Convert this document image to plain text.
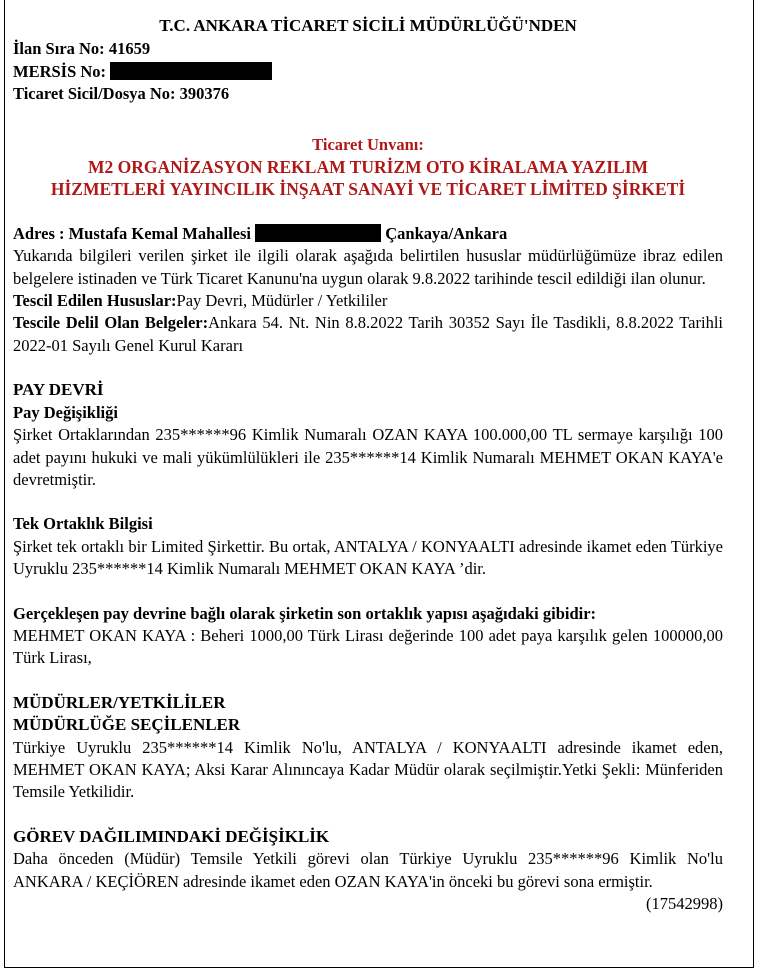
T.C. ANKARA TİCARET SİCİLİ MÜDÜRLÜĞÜ'NDEN

İlan Sıra No: 41659

MERSİS No:

Ticaret Sicil/Dosya No: 390376

Ticaret Unvanı:

M2 ORGANİZASYON REKLAM TURİZM OTO KİRALAMA YAZILIM

HİZMETLERİ YAYINCILIK İNŞAAT SANAYİ VE TİCARET LİMİTED ŞİRKETİ

Adres : Mustafa Kemal Mahallesi	Çankaya/Ankara

Yukarıda bilgileri verilen şirket ile ilgili olarak aşağıda belirtilen hususlar müdürlüğümüze ibraz edilen belgelere istinaden ve Türk Ticaret Kanunu'na uygun olarak 9.8.2022 tarihinde tescil edildiği ilan olunur.

Tescil Edilen Hususlar:Pay Devri, Müdürler / Yetkililer

Tescile Delil Olan Belgeler:Ankara 54. Nt. Nin 8.8.2022 Tarih 30352 Sayı İle Tasdikli, 8.8.2022 Tarihli 2022-01 Sayılı Genel Kurul Kararı

PAY DEVRİ

Pay Değişikliği

Şirket Ortaklarından 235******96 Kimlik Numaralı OZAN KAYA 100.000,00 TL sermaye karşılığı 100 adet payını hukuki ve mali yükümlülükleri ile 235******14 Kimlik Numaralı MEHMET OKAN KAYA'e devretmiştir.

Tek Ortaklık Bilgisi

Şirket tek ortaklı bir Limited Şirkettir. Bu ortak, ANTALYA / KONYAALTI adresinde ikamet eden Türkiye Uyruklu 235******14 Kimlik Numaralı MEHMET OKAN KAYA ’dir.

Gerçekleşen pay devrine bağlı olarak şirketin son ortaklık yapısı aşağıdaki gibidir:

MEHMET OKAN KAYA : Beheri 1000,00 Türk Lirası değerinde 100 adet paya karşılık gelen 100000,00 Türk Lirası,

MÜDÜRLER/YETKİLİLER

MÜDÜRLÜĞE SEÇİLENLER

Türkiye Uyruklu 235******14 Kimlik No'lu, ANTALYA / KONYAALTI adresinde ikamet eden, MEHMET OKAN KAYA; Aksi Karar Alınıncaya Kadar Müdür olarak seçilmiştir.Yetki Şekli: Münferiden Temsile Yetkilidir.

GÖREV DAĞILIMINDAKİ DEĞİŞİKLİK

Daha önceden (Müdür) Temsile Yetkili görevi olan Türkiye Uyruklu 235******96 Kimlik No'lu ANKARA / KEÇİÖREN adresinde ikamet eden OZAN KAYA'in önceki bu görevi sona ermiştir.

(17542998)
